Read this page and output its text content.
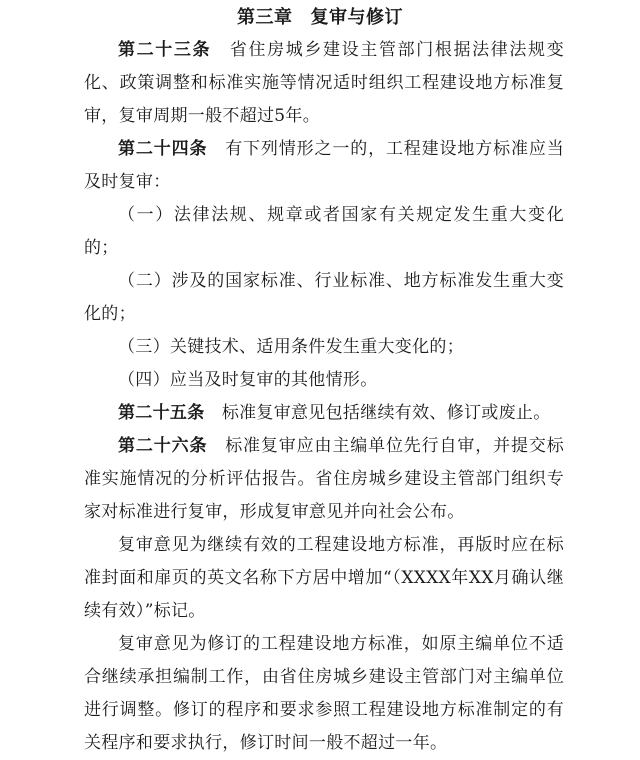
第三章 复审与修订

第二十三条　 省住房城乡建设主管部门根据法律法规变化、政策调整和标准实施等情况适时组织工程建设地方标准复审，复审周期一般不超过5年。

第二十四条　 有下列情形之一的，工程建设地方标准应当及时复审：

（一）法律法规、规章或者国家有关规定发生重大变化的；

（二）涉及的国家标准、行业标准、地方标准发生重大变化的；

（三）关键技术、适用条件发生重大变化的；

（四）应当及时复审的其他情形。

第二十五条　 标准复审意见包括继续有效、修订或废止。

第二十六条　 标准复审应由主编单位先行自审，并提交标准实施情况的分析评估报告。省住房城乡建设主管部门组织专家对标准进行复审，形成复审意见并向社会公布。

复审意见为继续有效的工程建设地方标准，再版时应在标准封面和扉页的英文名称下方居中增加“（XXXX年XX月确认继续有效）”标记。

复审意见为修订的工程建设地方标准，如原主编单位不适合继续承担编制工作，由省住房城乡建设主管部门对主编单位进行调整。修订的程序和要求参照工程建设地方标准制定的有关程序和要求执行，修订时间一般不超过一年。
